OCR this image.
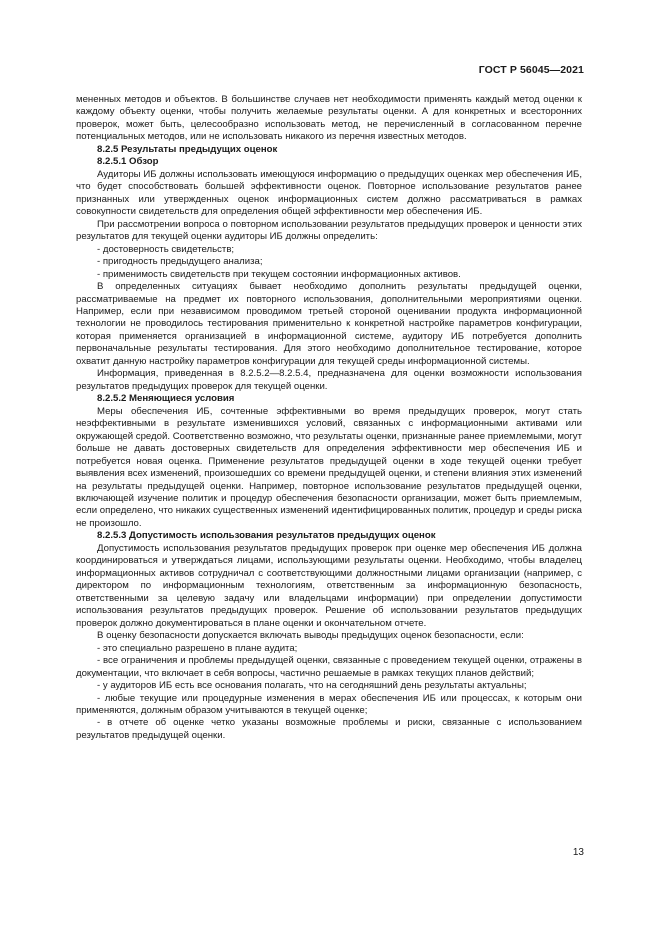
ГОСТ Р 56045—2021

мененных методов и объектов. В большинстве случаев нет необходимости применять каждый метод оценки к каждому объекту оценки, чтобы получить желаемые результаты оценки. А для конкретных и всесторонних проверок, может быть, целесообразно использовать метод, не перечисленный в согласованном перечне потенциальных методов, или не использовать никакого из перечня известных методов.

8.2.5 Результаты предыдущих оценок
8.2.5.1 Обзор

Аудиторы ИБ должны использовать имеющуюся информацию о предыдущих оценках мер обеспечения ИБ, что будет способствовать большей эффективности оценок. Повторное использование результатов ранее признанных или утвержденных оценок информационных систем должно рассматриваться в рамках совокупности свидетельств для определения общей эффективности мер обеспечения ИБ.

При рассмотрении вопроса о повторном использовании результатов предыдущих проверок и ценности этих результатов для текущей оценки аудиторы ИБ должны определить:

- достоверность свидетельств;

- пригодность предыдущего анализа;

- применимость свидетельств при текущем состоянии информационных активов.

В определенных ситуациях бывает необходимо дополнить результаты предыдущей оценки, рассматриваемые на предмет их повторного использования, дополнительными мероприятиями оценки. Например, если при независимом проводимом третьей стороной оценивании продукта информационной технологии не проводилось тестирования применительно к конкретной настройке параметров конфигурации, которая применяется организацией в информационной системе, аудитору ИБ потребуется дополнить первоначальные результаты тестирования. Для этого необходимо дополнительное тестирование, которое охватит данную настройку параметров конфигурации для текущей среды информационной системы.

Информация, приведенная в 8.2.5.2—8.2.5.4, предназначена для оценки возможности использования результатов предыдущих проверок для текущей оценки.

8.2.5.2 Меняющиеся условия

Меры обеспечения ИБ, сочтенные эффективными во время предыдущих проверок, могут стать неэффективными в результате изменившихся условий, связанных с информационными активами или окружающей средой. Соответственно возможно, что результаты оценки, признанные ранее приемлемыми, могут больше не давать достоверных свидетельств для определения эффективности мер обеспечения ИБ и потребуется новая оценка. Применение результатов предыдущей оценки в ходе текущей оценки требует выявления всех изменений, произошедших со времени предыдущей оценки, и степени влияния этих изменений на результаты предыдущей оценки. Например, повторное использование результатов предыдущей оценки, включающей изучение политик и процедур обеспечения безопасности организации, может быть приемлемым, если определено, что никаких существенных изменений идентифицированных политик, процедур и среды риска не произошло.

8.2.5.3 Допустимость использования результатов предыдущих оценок

Допустимость использования результатов предыдущих проверок при оценке мер обеспечения ИБ должна координироваться и утверждаться лицами, использующими результаты оценки. Необходимо, чтобы владелец информационных активов сотрудничал с соответствующими должностными лицами организации (например, с директором по информационным технологиям, ответственным за информационную безопасность, ответственными за целевую задачу или владельцами информации) при определении допустимости использования результатов предыдущих проверок. Решение об использовании результатов предыдущих проверок должно документироваться в плане оценки и окончательном отчете.

В оценку безопасности допускается включать выводы предыдущих оценок безопасности, если:

- это специально разрешено в плане аудита;

- все ограничения и проблемы предыдущей оценки, связанные с проведением текущей оценки, отражены в документации, что включает в себя вопросы, частично решаемые в рамках текущих планов действий;

- у аудиторов ИБ есть все основания полагать, что на сегодняшний день результаты актуальны;

- любые текущие или процедурные изменения в мерах обеспечения ИБ или процессах, к которым они применяются, должным образом учитываются в текущей оценке;

- в отчете об оценке четко указаны возможные проблемы и риски, связанные с использованием результатов предыдущей оценки.

13
